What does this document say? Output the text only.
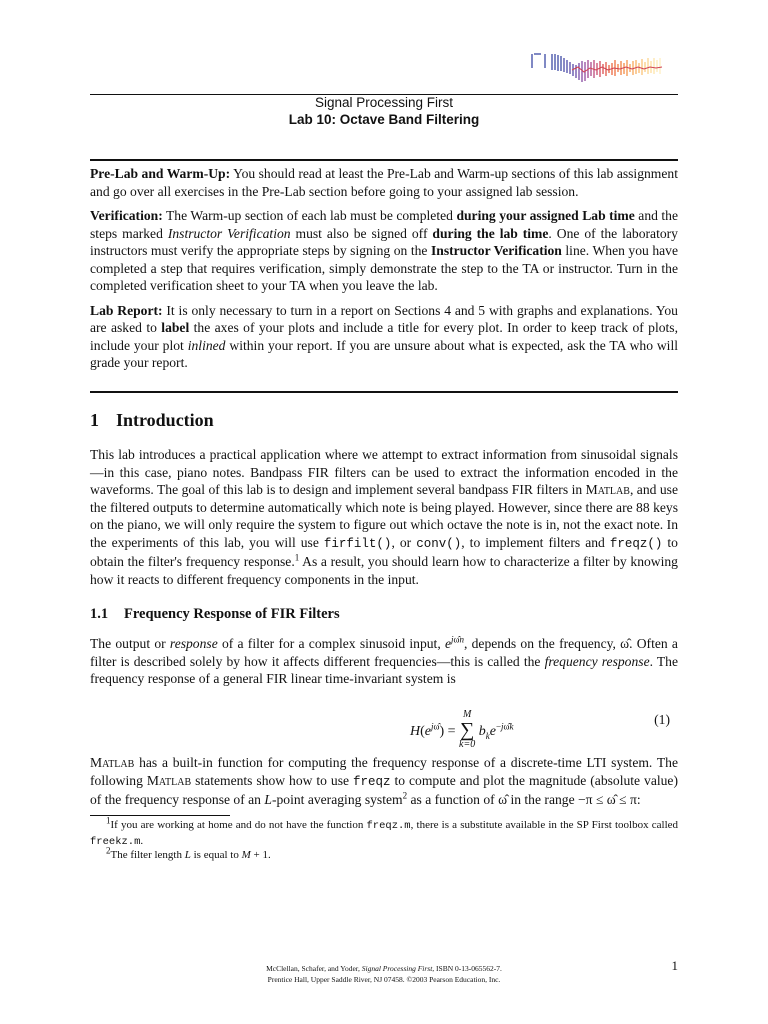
Signal Processing First
Lab 10: Octave Band Filtering

Pre-Lab and Warm-Up: You should read at least the Pre-Lab and Warm-up sections of this lab assignment and go over all exercises in the Pre-Lab section before going to your assigned lab session.

Verification: The Warm-up section of each lab must be completed during your assigned Lab time and the steps marked Instructor Verification must also be signed off during the lab time. One of the laboratory instructors must verify the appropriate steps by signing on the Instructor Verification line. When you have completed a step that requires verification, simply demonstrate the step to the TA or instructor. Turn in the completed verification sheet to your TA when you leave the lab.

Lab Report: It is only necessary to turn in a report on Sections 4 and 5 with graphs and explanations. You are asked to label the axes of your plots and include a title for every plot. In order to keep track of plots, include your plot inlined within your report. If you are unsure about what is expected, ask the TA who will grade your report.

1 Introduction

This lab introduces a practical application where we attempt to extract information from sinusoidal signals—in this case, piano notes. Bandpass FIR filters can be used to extract the information encoded in the waveforms. The goal of this lab is to design and implement several bandpass FIR filters in Matlab, and use the filtered outputs to determine automatically which note is being played. However, since there are 88 keys on the piano, we will only require the system to figure out which octave the note is in, not the exact note. In the experiments of this lab, you will use firfilt(), or conv(), to implement filters and freqz() to obtain the filter's frequency response.$^1$ As a result, you should learn how to characterize a filter by knowing how it reacts to different frequency components in the input.

1.1 Frequency Response of FIR Filters

The output or response of a filter for a complex sinusoid input, $e^{j\omegân}$, depends on the frequency, ω̂. Often a filter is described solely by how it affects different frequencies—this is called the frequency response. The frequency response of a general FIR linear time-invariant system is

$H(e^{j\omegâ})$ =
M
∑
k=0
$b_ke^{-j\omegâk}$	(1)

Matlab has a built-in function for computing the frequency response of a discrete-time LTI system. The following Matlab statements show how to use freqz to compute and plot the magnitude (absolute value) of the frequency response of an L-point averaging system$^2$ as a function of ω̂ in the range −π ≤ ω̂ ≤ π:

$^1$If you are working at home and do not have the function freqz.m, there is a substitute available in the SP First toolbox called freekz.m.

$^2$The filter length L is equal to M + 1.

McClellan, Schafer, and Yoder, Signal Processing First, ISBN 0-13-065562-7.
Prentice Hall, Upper Saddle River, NJ 07458. ©2003 Pearson Education, Inc.
1
